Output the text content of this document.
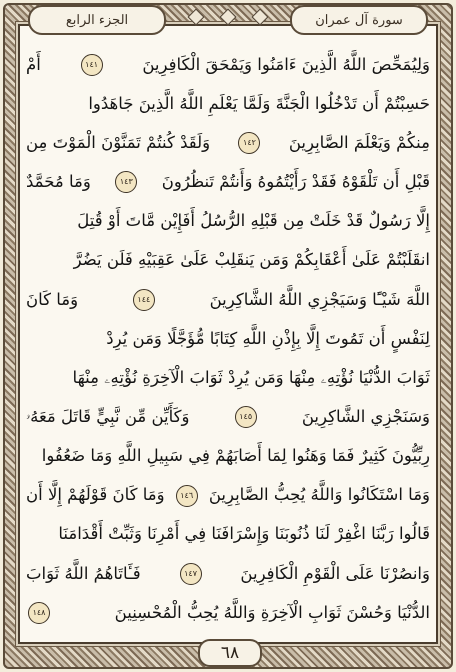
سورة آل عمران
الجزء الرابع
وَلِيُمَحِّصَ اللَّهُ الَّذِينَ ءَامَنُوا وَيَمْحَقَ الْكَافِرِينَ
١٤١
أَمْ
حَسِبْتُمْ أَن تَدْخُلُوا الْجَنَّةَ وَلَمَّا يَعْلَمِ اللَّهُ الَّذِينَ جَاهَدُوا
مِنكُمْ وَيَعْلَمَ الصَّابِرِينَ
١٤٢
وَلَقَدْ كُنتُمْ تَمَنَّوْنَ الْمَوْتَ مِن
قَبْلِ أَن تَلْقَوْهُ فَقَدْ رَأَيْتُمُوهُ وَأَنتُمْ تَنظُرُونَ
١٤٣
وَمَا مُحَمَّدٌ
إِلَّا رَسُولٌ قَدْ خَلَتْ مِن قَبْلِهِ الرُّسُلُ أَفَإِيْن مَّاتَ أَوْ قُتِلَ
انقَلَبْتُمْ عَلَىٰ أَعْقَابِكُمْ وَمَن يَنقَلِبْ عَلَىٰ عَقِبَيْهِ فَلَن يَضُرَّ
اللَّهَ شَيْـًٔا وَسَيَجْزِي اللَّهُ الشَّاكِرِينَ
١٤٤
وَمَا كَانَ
لِنَفْسٍ أَن تَمُوتَ إِلَّا بِإِذْنِ اللَّهِ كِتَابًا مُّؤَجَّلًا وَمَن يُرِدْ
ثَوَابَ الدُّنْيَا نُؤْتِهِۦ مِنْهَا وَمَن يُرِدْ ثَوَابَ الْآخِرَةِ نُؤْتِهِۦ مِنْهَا
وَسَنَجْزِي الشَّاكِرِينَ
١٤٥
وَكَأَيِّن مِّن نَّبِيٍّ قَاتَلَ مَعَهُۥ
رِبِّيُّونَ كَثِيرٌ فَمَا وَهَنُوا لِمَا أَصَابَهُمْ فِي سَبِيلِ اللَّهِ وَمَا ضَعُفُوا
وَمَا اسْتَكَانُوا وَاللَّهُ يُحِبُّ الصَّابِرِينَ
١٤٦
وَمَا كَانَ قَوْلَهُمْ إِلَّا أَن
قَالُوا رَبَّنَا اغْفِرْ لَنَا ذُنُوبَنَا وَإِسْرَافَنَا فِي أَمْرِنَا وَثَبِّتْ أَقْدَامَنَا
وَانصُرْنَا عَلَى الْقَوْمِ الْكَافِرِينَ
١٤٧
فَـَٔاتَاهُمُ اللَّهُ ثَوَابَ
الدُّنْيَا وَحُسْنَ ثَوَابِ الْآخِرَةِ وَاللَّهُ يُحِبُّ الْمُحْسِنِينَ
١٤٨
٦٨
